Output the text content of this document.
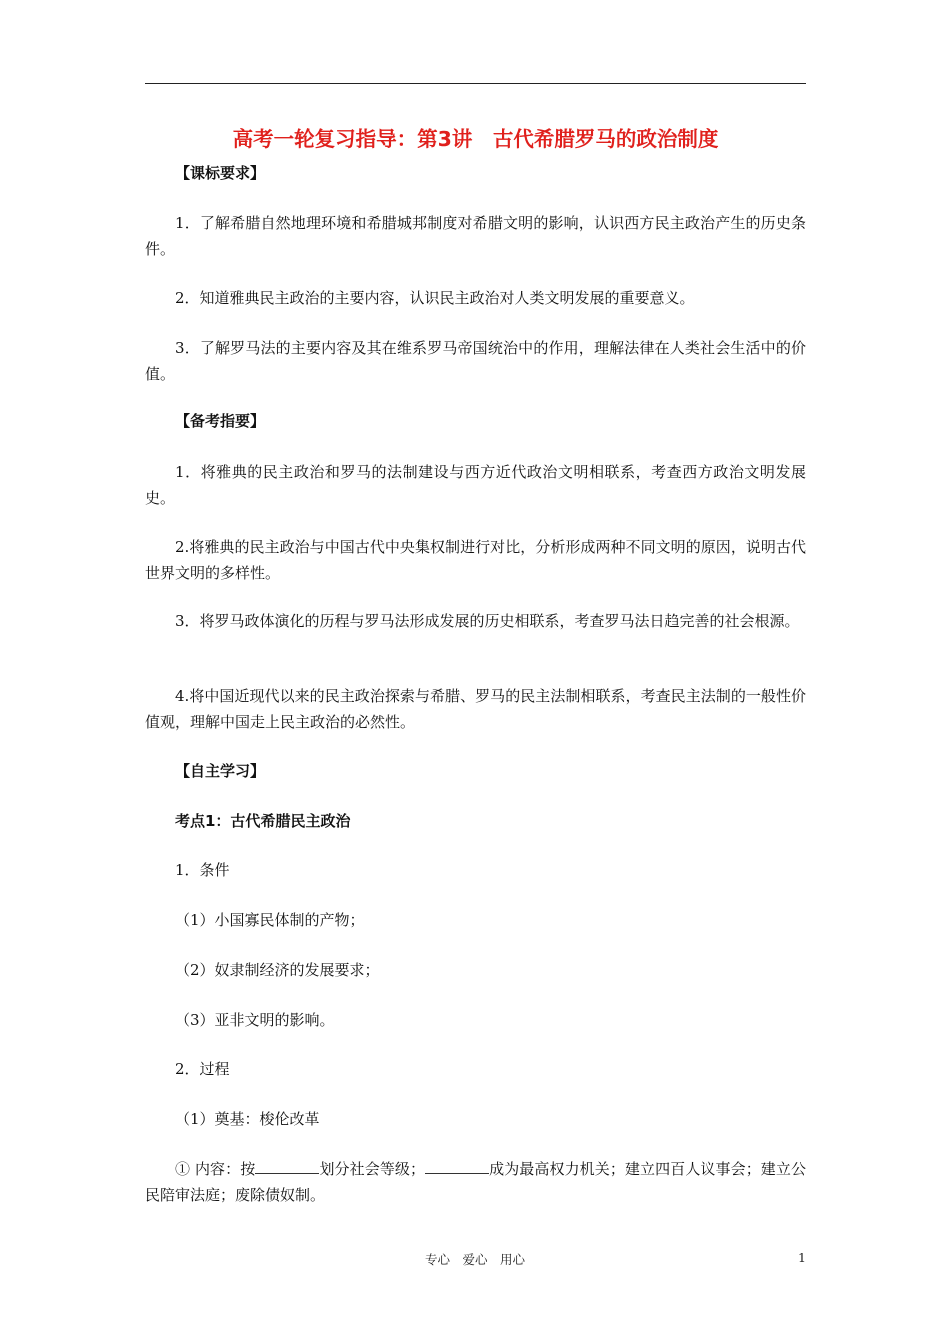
高考一轮复习指导：第3讲　古代希腊罗马的政治制度
【课标要求】
1．了解希腊自然地理环境和希腊城邦制度对希腊文明的影响，认识西方民主政治产生的历史条件。
2．知道雅典民主政治的主要内容，认识民主政治对人类文明发展的重要意义。
3．了解罗马法的主要内容及其在维系罗马帝国统治中的作用，理解法律在人类社会生活中的价值。
【备考指要】
1．将雅典的民主政治和罗马的法制建设与西方近代政治文明相联系，考查西方政治文明发展史。
2.将雅典的民主政治与中国古代中央集权制进行对比，分析形成两种不同文明的原因，说明古代世界文明的多样性。
3．将罗马政体演化的历程与罗马法形成发展的历史相联系，考查罗马法日趋完善的社会根源。
4.将中国近现代以来的民主政治探索与希腊、罗马的民主法制相联系，考查民主法制的一般性价值观，理解中国走上民主政治的必然性。
【自主学习】
考点1：古代希腊民主政治
1．条件
（1）小国寡民体制的产物；
（2）奴隶制经济的发展要求；
（3）亚非文明的影响。
2．过程
（1）奠基：梭伦改革
① 内容：按	划分社会等级；	成为最高权力机关；建立四百人议事会；建立公民陪审法庭；废除债奴制。
专心　爱心　用心	1
